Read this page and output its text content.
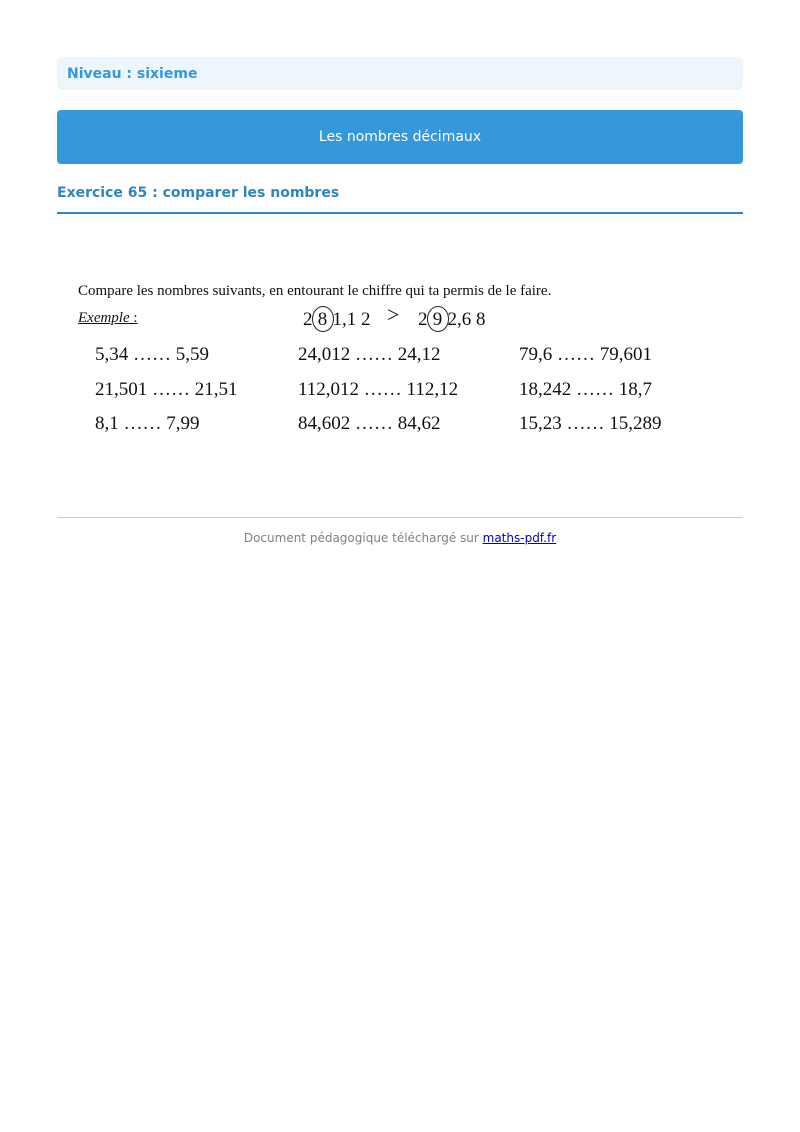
Niveau : sixieme
Les nombres décimaux
Exercice 65 : comparer les nombres
Compare les nombres suivants, en entourant le chiffre qui ta permis de le faire.
Exemple :	2 8 1,1 2 > 2 9 2,6 8
5,34 …… 5,59	24,012 …… 24,12	79,6 …… 79,601
21,501 …… 21,51	112,012 …… 112,12	18,242 …… 18,7
8,1 …… 7,99	84,602 …… 84,62	15,23 …… 15,289
Document pédagogique téléchargé sur maths-pdf.fr
